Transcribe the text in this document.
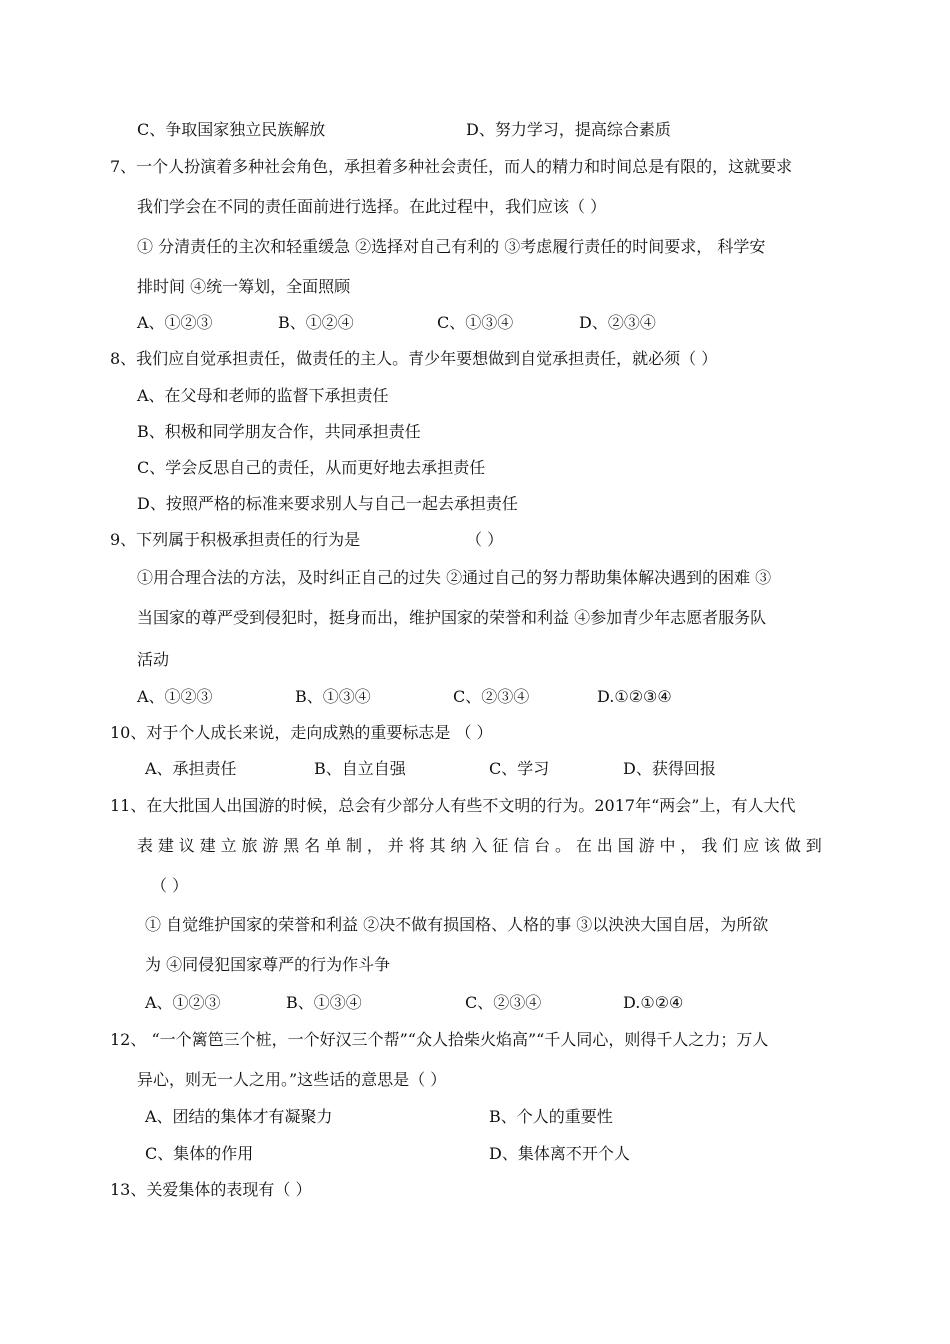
C、争取国家独立民族解放	D、努力学习，提高综合素质
7、一个人扮演着多种社会角色，承担着多种社会责任，而人的精力和时间总是有限的，这就要求
我们学会在不同的责任面前进行选择。在此过程中，我们应该（ ）
① 分清责任的主次和轻重缓急 ②选择对自己有利的 ③考虑履行责任的时间要求， 科学安
排时间 ④统一筹划，全面照顾
A、①②③	B、①②④	C、①③④	D、②③④
8、我们应自觉承担责任，做责任的主人。青少年要想做到自觉承担责任，就必须（ ）
A、在父母和老师的监督下承担责任
B、积极和同学朋友合作，共同承担责任
C、学会反思自己的责任，从而更好地去承担责任
D、按照严格的标准来要求别人与自己一起去承担责任
9、下列属于积极承担责任的行为是	（ ）
①用合理合法的方法，及时纠正自己的过失 ②通过自己的努力帮助集体解决遇到的困难 ③
当国家的尊严受到侵犯时，挺身而出，维护国家的荣誉和利益 ④参加青少年志愿者服务队
活动
A、①②③	B、①③④	C、②③④	D.①②③④
10、对于个人成长来说，走向成熟的重要标志是 （ ）
A、承担责任	B、自立自强	C、学习	D、获得回报
11、在大批国人出国游的时候，总会有少部分人有些不文明的行为。2017年“两会”上，有人大代
表建议建立旅游黑名单制，并将其纳入征信台。在出国游中，我们应该做到
（ ）
① 自觉维护国家的荣誉和利益 ②决不做有损国格、人格的事 ③以泱泱大国自居，为所欲
为 ④同侵犯国家尊严的行为作斗争
A、①②③	B、①③④	C、②③④	D.①②④
12、 “一个篱笆三个桩，一个好汉三个帮”“众人拾柴火焰高”“千人同心，则得千人之力；万人
异心，则无一人之用。”这些话的意思是（ ）
A、团结的集体才有凝聚力	B、个人的重要性
C、集体的作用	D、集体离不开个人
13、关爱集体的表现有（ ）
